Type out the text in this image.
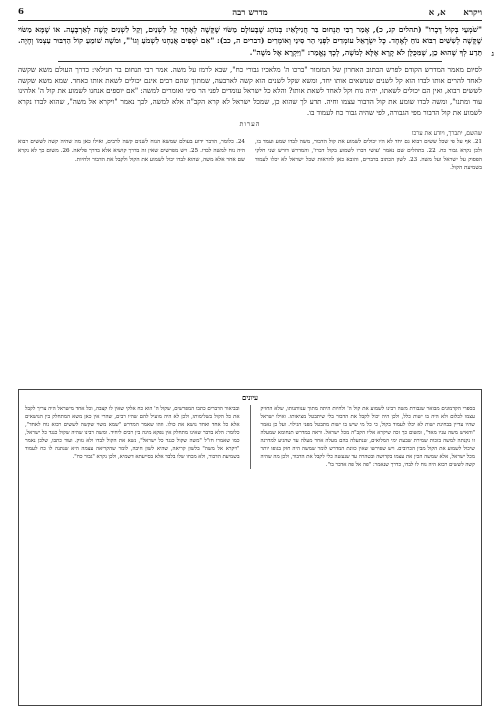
6	מדרש רבה	ויקרא      א, א
ג

"שֹׁמְעֵי בְּקוֹל דְּבָרוֹ" (תהלים קג, כ), אָמַר רַבִּי תַּנְחוּם בַּר חֲנִילָאִי: בְּנוֹהַג שֶׁבָּעוֹלָם מַשּׂוֹי שֶׁקָּשֶׁה לְאֶחָד קַל לִשְׁנַיִם, וְקַל לִשְׁנַיִם קָשֶׁה לְאַרְבָּעָה. אוֹ שֶׁמָּא מַשּׂוֹי שֶׁקָּשֶׁה לְשִׁשִּׁים רִבּוֹא נוֹחַ לְאֶחָד. כָּל יִשְׂרָאֵל עוֹמְדִים לִפְנֵי הַר סִינַי וְאוֹמְרִים (דברים ה, כב): "אִם יֹסְפִים אֲנַחְנוּ לִשְׁמֹעַ וְגוֹ'", וּמֹשֶׁה שׁוֹמֵעַ קוֹל הַדִּבּוּר עַצְמוֹ וְחָיָה. תֵּדַע לְךָ שֶׁהוּא כֵן, שֶׁמִּכֻּלָּן לֹא קָרָא אֶלָּא לְמֹשֶׁה, לְכָךְ נֶאֱמַר: "וַיִּקְרָא אֶל מֹשֶׁה".

לסיום מאמר המדרש הקודם לפרש הכתוב האחרון של המזמור "ברכו ה' מלאכיו גבורי כח", שבא לרמז על משה. אמר רבי תנחום בר חנילאי: כדרך העולם משא שקשה לאחד להרים אותו לבדו הוא קל לשנים שנושאים אותו יחד, ומשא שקל לשנים הוא קשה לארבעה, שמתוך שהם רבים אינם יכולים לשאת אותו כאחד. שמא משא שקשה לששים רבוא, ואין הם יכולים לשאתו, יהיה נוח וקל לאחד לשאת אותו? והלא כל ישראל עומדים לפני הר סיני ואומרים למשה: "אם יוספים אנחנו לשמוע את קול ה' אלהינו עוד ומתנו", ומשה לבדו שומע את קול הדבור עצמו וחיה. תדע לך שהוא כן, שמכל ישראל לא קרא הקב"ה אלא למשה, לכך נאמר "ויקרא אל משה", שהוא לבדו נקרא לשמוע את קול הדבור מפי הגבורה, לפי שהיה גבור כח לעמוד בו.

הערות
שהשם, יתברך, ויודע את ערכו
21. אף על פי שכל ששים רבוא גם יחד לא היו יכולים לשמוע את קול הדבור, משה לבדו שמע ועמד בו, ולכן נקרא גבור כח. 22. בתהלים שם נאמר 'עושי דברו לשמוע בקול דברו', והמדרש דורש שני חלקי הפסוק על ישראל ועל משה. 23. לשון הכתוב בדברים, והובא כאן להראות שכל ישראל לא יכלו לעמוד בשמיעת הקול.
24. כלומר, הדבר ידוע בעולם שמשא הנוח לשנים קשה לרבים, ואילו כאן מה שהיה קשה לששים רבוא היה נוח למשה לבדו. 25. ויש מפרשים שאין זה בדרך קושיא אלא בדרך פליאה. 26. משום כך לא נקרא שם אחר אלא משה, שהוא לבדו יכול לשמוע את הקול ולקבל את הדבור ולחיות.
עיונים
בספרי הקדמונים מבואר שגבורת משה רבינו לשמוע את קול ה' ולחיות היתה מתוך ענוותנותו, שלא החזיק עצמו לכלום ולא היה בו ישות כלל, ולכן היה יכול לקבל את הדבור בלי שיתבטל מציאותו. ואילו ישראל שהיו עדיין בבחינת ישות לא יכלו לעמוד בקול, כי כל מי שיש בו ישות מתבטל מפני הגילוי. ועל כן נאמר "והאיש משה עניו מאד", ומשום כך זכה שיקרא אליו הקב"ה מכל ישראל. וראה במדרש תנחומא שמעלה זו נקנתה למשה בזכות שמירת שבעת ימי המלואים, שנתעלה בהם מעלה אחר מעלה עד שהגיע למדרגה שיכול לשמוע את הקול מבין הכרובים. ויש שפירשו שאין כוונת המדרש לומר שמשה היה חזק בגופו יותר מכל ישראל, אלא שמשה הכין את עצמו בקדושה ובטהרה עד שנעשה כלי לקבל את הדבור, ולכן מה שהיה קשה לששים רבוא היה נוח לו לבדו, כדרך שנאמר: "פה אל פה אדבר בו".
ובביאור הדברים כתבו המפרשים, שקול ה' הוא כח אלקי שאין לו קצבה, וכל אחד מישראל היה צריך לקבל את כל הקול בשלימותו, ולכן לא היה מועיל להם שהיו רבים, שהרי אין כאן משא המתחלק בין הנושאים אלא כל אחד ואחד נושא את כולו. וזהו שאמר המדרש "שמא משוי שקשה לששים רבוא נוח לאחד", כלומר: הלא בדבר שאינו מתחלק אין נפקא מינה בין רבים ליחיד. ומשה רבינו שהיה שקול כנגד כל ישראל, כמו שאמרו חז"ל "משה שקול כנגד כל ישראל", נשא את הקול לבדו ולא נזוק. ועוד כתבו, שלכן נאמר "ויקרא אל משה" בלשון קריאה, שהיא לשון חיבה, לומר שהקריאה עצמה היא שנתנה לו כח לעמוד בשמיעת הדבור, ולא מכחו שלו בלבד אלא בסייעתא דשמיא, ולכן נקרא "גבור כח".
